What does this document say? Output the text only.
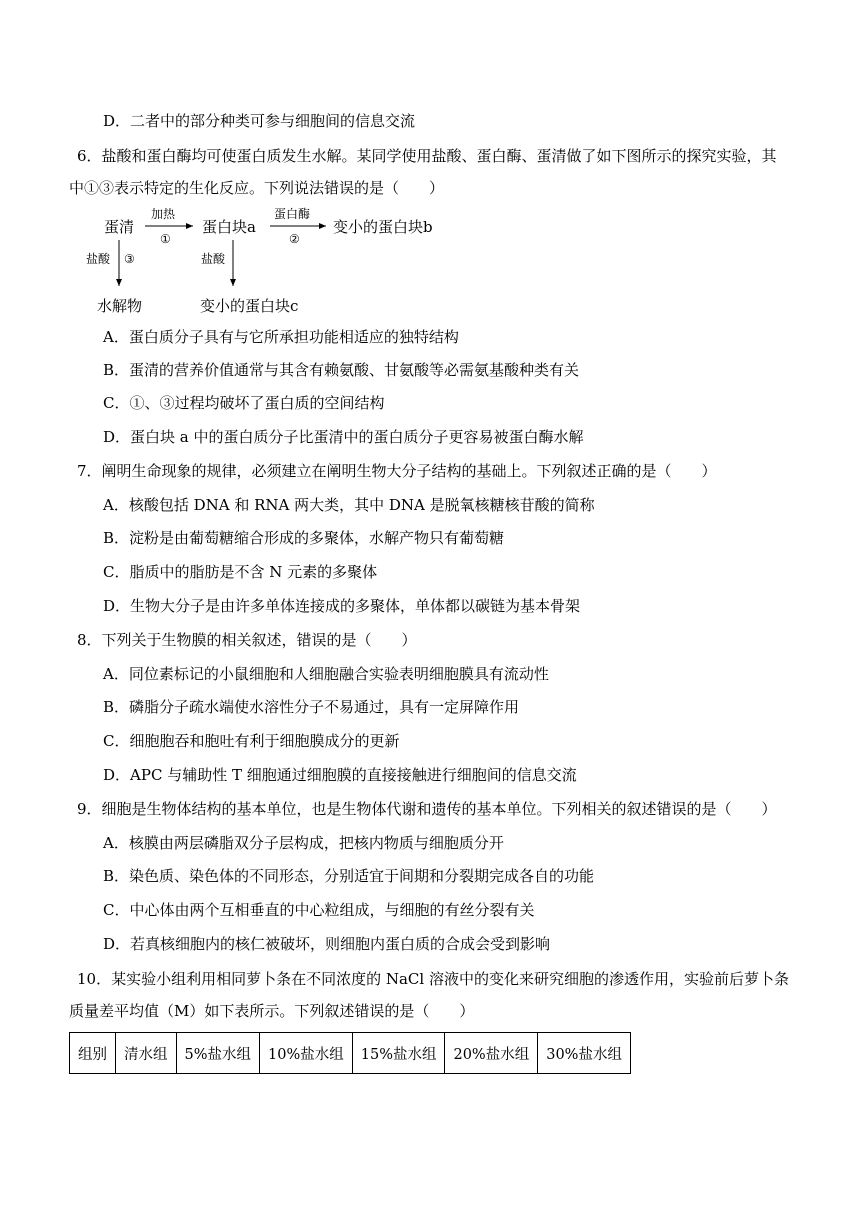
D．二者中的部分种类可参与细胞间的信息交流
6．盐酸和蛋白酶均可使蛋白质发生水解。某同学使用盐酸、蛋白酶、蛋清做了如下图所示的探究实验，其
中①③表示特定的生化反应。下列说法错误的是（　　）
蛋清
加热
①
蛋白块a
蛋白酶
②
变小的蛋白块b
盐酸 ③	盐酸
水解物	变小的蛋白块c
A．蛋白质分子具有与它所承担功能相适应的独特结构
B．蛋清的营养价值通常与其含有赖氨酸、甘氨酸等必需氨基酸种类有关
C．①、③过程均破坏了蛋白质的空间结构
D．蛋白块 a 中的蛋白质分子比蛋清中的蛋白质分子更容易被蛋白酶水解
7．阐明生命现象的规律，必须建立在阐明生物大分子结构的基础上。下列叙述正确的是（　　）
A．核酸包括 DNA 和 RNA 两大类，其中 DNA 是脱氧核糖核苷酸的简称
B．淀粉是由葡萄糖缩合形成的多聚体，水解产物只有葡萄糖
C．脂质中的脂肪是不含 N 元素的多聚体
D．生物大分子是由许多单体连接成的多聚体，单体都以碳链为基本骨架
8．下列关于生物膜的相关叙述，错误的是（　　）
A．同位素标记的小鼠细胞和人细胞融合实验表明细胞膜具有流动性
B．磷脂分子疏水端使水溶性分子不易通过，具有一定屏障作用
C．细胞胞吞和胞吐有利于细胞膜成分的更新
D．APC 与辅助性 T 细胞通过细胞膜的直接接触进行细胞间的信息交流
9．细胞是生物体结构的基本单位，也是生物体代谢和遗传的基本单位。下列相关的叙述错误的是（　　）
A．核膜由两层磷脂双分子层构成，把核内物质与细胞质分开
B．染色质、染色体的不同形态，分别适宜于间期和分裂期完成各自的功能
C．中心体由两个互相垂直的中心粒组成，与细胞的有丝分裂有关
D．若真核细胞内的核仁被破坏，则细胞内蛋白质的合成会受到影响
10．某实验小组利用相同萝卜条在不同浓度的 NaCl 溶液中的变化来研究细胞的渗透作用，实验前后萝卜条
质量差平均值（M）如下表所示。下列叙述错误的是（　　）
组别	清水组	5%盐水组	10%盐水组	15%盐水组	20%盐水组	30%盐水组
